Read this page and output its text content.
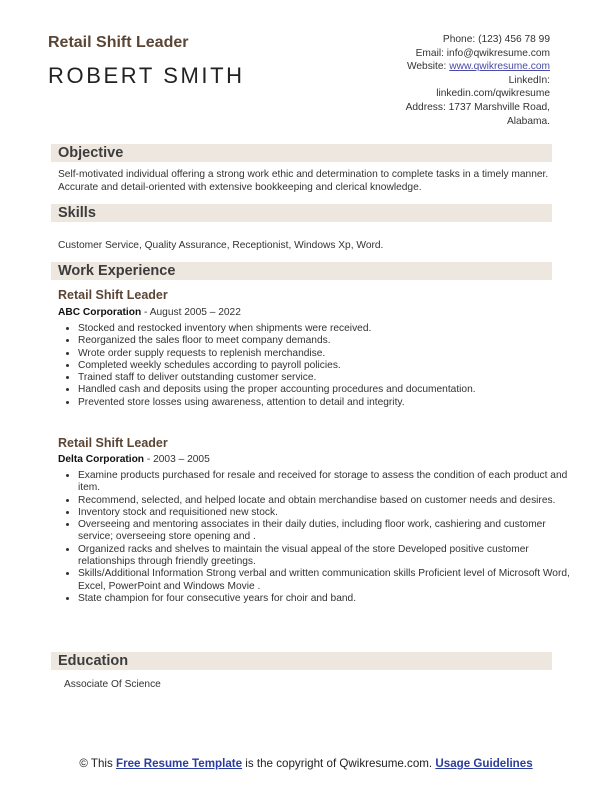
Retail Shift Leader
ROBERT SMITH
Phone: (123) 456 78 99
Email: info@qwikresume.com
Website: www.qwikresume.com
LinkedIn:
linkedin.com/qwikresume
Address: 1737 Marshville Road,
Alabama.
Objective
Self-motivated individual offering a strong work ethic and determination to complete tasks in a timely manner. Accurate and detail-oriented with extensive bookkeeping and clerical knowledge.
Skills
Customer Service, Quality Assurance, Receptionist, Windows Xp, Word.
Work Experience
Retail Shift Leader
ABC Corporation - August 2005 – 2022
• Stocked and restocked inventory when shipments were received.
• Reorganized the sales floor to meet company demands.
• Wrote order supply requests to replenish merchandise.
• Completed weekly schedules according to payroll policies.
• Trained staff to deliver outstanding customer service.
• Handled cash and deposits using the proper accounting procedures and documentation.
• Prevented store losses using awareness, attention to detail and integrity.
Retail Shift Leader
Delta Corporation - 2003 – 2005
• Examine products purchased for resale and received for storage to assess the condition of each product and item.
• Recommend, selected, and helped locate and obtain merchandise based on customer needs and desires.
• Inventory stock and requisitioned new stock.
• Overseeing and mentoring associates in their daily duties, including floor work, cashiering and customer service; overseeing store opening and .
• Organized racks and shelves to maintain the visual appeal of the store Developed positive customer relationships through friendly greetings.
• Skills/Additional Information Strong verbal and written communication skills Proficient level of Microsoft Word, Excel, PowerPoint and Windows Movie .
• State champion for four consecutive years for choir and band.
Education
Associate Of Science
© This Free Resume Template is the copyright of Qwikresume.com. Usage Guidelines
